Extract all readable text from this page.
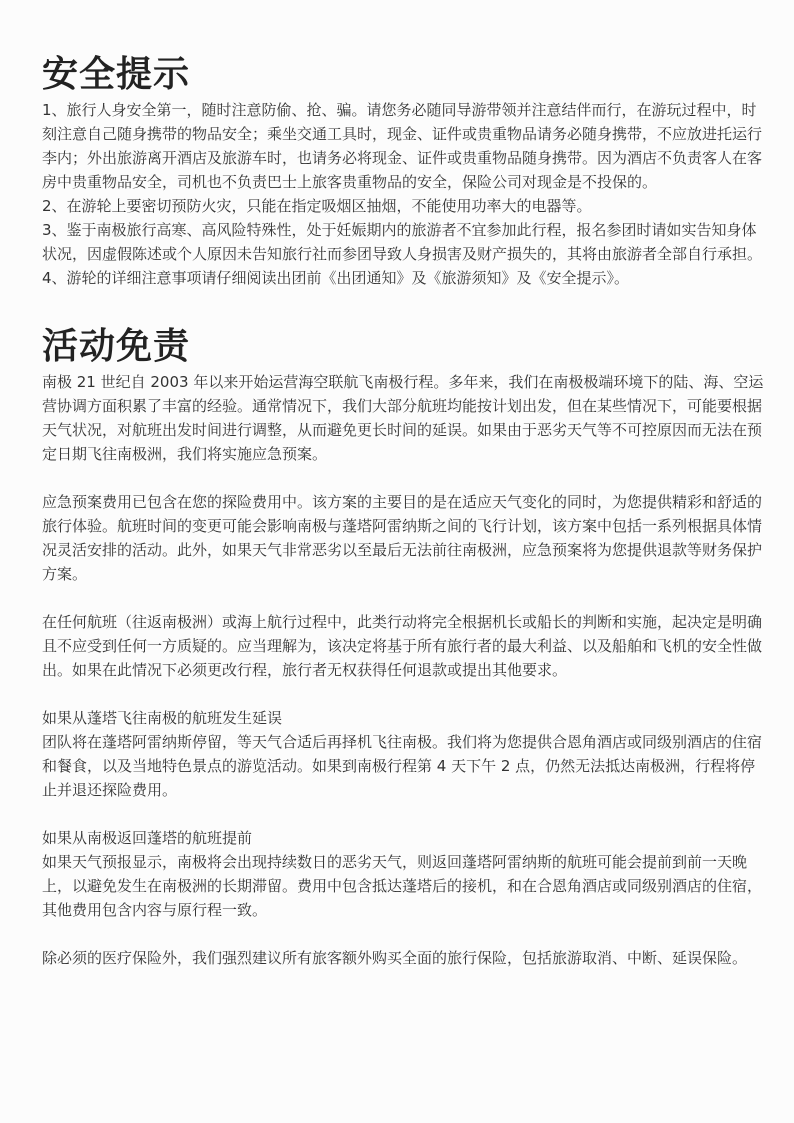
安全提示

1、旅行人身安全第一，随时注意防偷、抢、骗。请您务必随同导游带领并注意结伴而行，在游玩过程中，时刻注意自己随身携带的物品安全；乘坐交通工具时，现金、证件或贵重物品请务必随身携带，不应放进托运行李内；外出旅游离开酒店及旅游车时，也请务必将现金、证件或贵重物品随身携带。因为酒店不负责客人在客房中贵重物品安全，司机也不负责巴士上旅客贵重物品的安全，保险公司对现金是不投保的。

2、在游轮上要密切预防火灾，只能在指定吸烟区抽烟，不能使用功率大的电器等。

3、鉴于南极旅行高寒、高风险特殊性，处于妊娠期内的旅游者不宜参加此行程，报名参团时请如实告知身体状况，因虚假陈述或个人原因未告知旅行社而参团导致人身损害及财产损失的，其将由旅游者全部自行承担。

4、游轮的详细注意事项请仔细阅读出团前《出团通知》及《旅游须知》及《安全提示》。

活动免责

南极 21 世纪自 2003 年以来开始运营海空联航飞南极行程。多年来，我们在南极极端环境下的陆、海、空运营协调方面积累了丰富的经验。通常情况下，我们大部分航班均能按计划出发，但在某些情况下，可能要根据天气状况，对航班出发时间进行调整，从而避免更长时间的延误。如果由于恶劣天气等不可控原因而无法在预定日期飞往南极洲，我们将实施应急预案。

应急预案费用已包含在您的探险费用中。该方案的主要目的是在适应天气变化的同时，为您提供精彩和舒适的旅行体验。航班时间的变更可能会影响南极与蓬塔阿雷纳斯之间的飞行计划，该方案中包括一系列根据具体情况灵活安排的活动。此外，如果天气非常恶劣以至最后无法前往南极洲，应急预案将为您提供退款等财务保护方案。

在任何航班（往返南极洲）或海上航行过程中，此类行动将完全根据机长或船长的判断和实施，起决定是明确且不应受到任何一方质疑的。应当理解为，该决定将基于所有旅行者的最大利益、以及船舶和飞机的安全性做出。如果在此情况下必须更改行程，旅行者无权获得任何退款或提出其他要求。

如果从蓬塔飞往南极的航班发生延误

团队将在蓬塔阿雷纳斯停留，等天气合适后再择机飞往南极。我们将为您提供合恩角酒店或同级别酒店的住宿和餐食，以及当地特色景点的游览活动。如果到南极行程第 4 天下午 2 点，仍然无法抵达南极洲，行程将停止并退还探险费用。

如果从南极返回蓬塔的航班提前

如果天气预报显示，南极将会出现持续数日的恶劣天气，则返回蓬塔阿雷纳斯的航班可能会提前到前一天晚上，以避免发生在南极洲的长期滞留。费用中包含抵达蓬塔后的接机，和在合恩角酒店或同级别酒店的住宿，其他费用包含内容与原行程一致。

除必须的医疗保险外，我们强烈建议所有旅客额外购买全面的旅行保险，包括旅游取消、中断、延误保险。
